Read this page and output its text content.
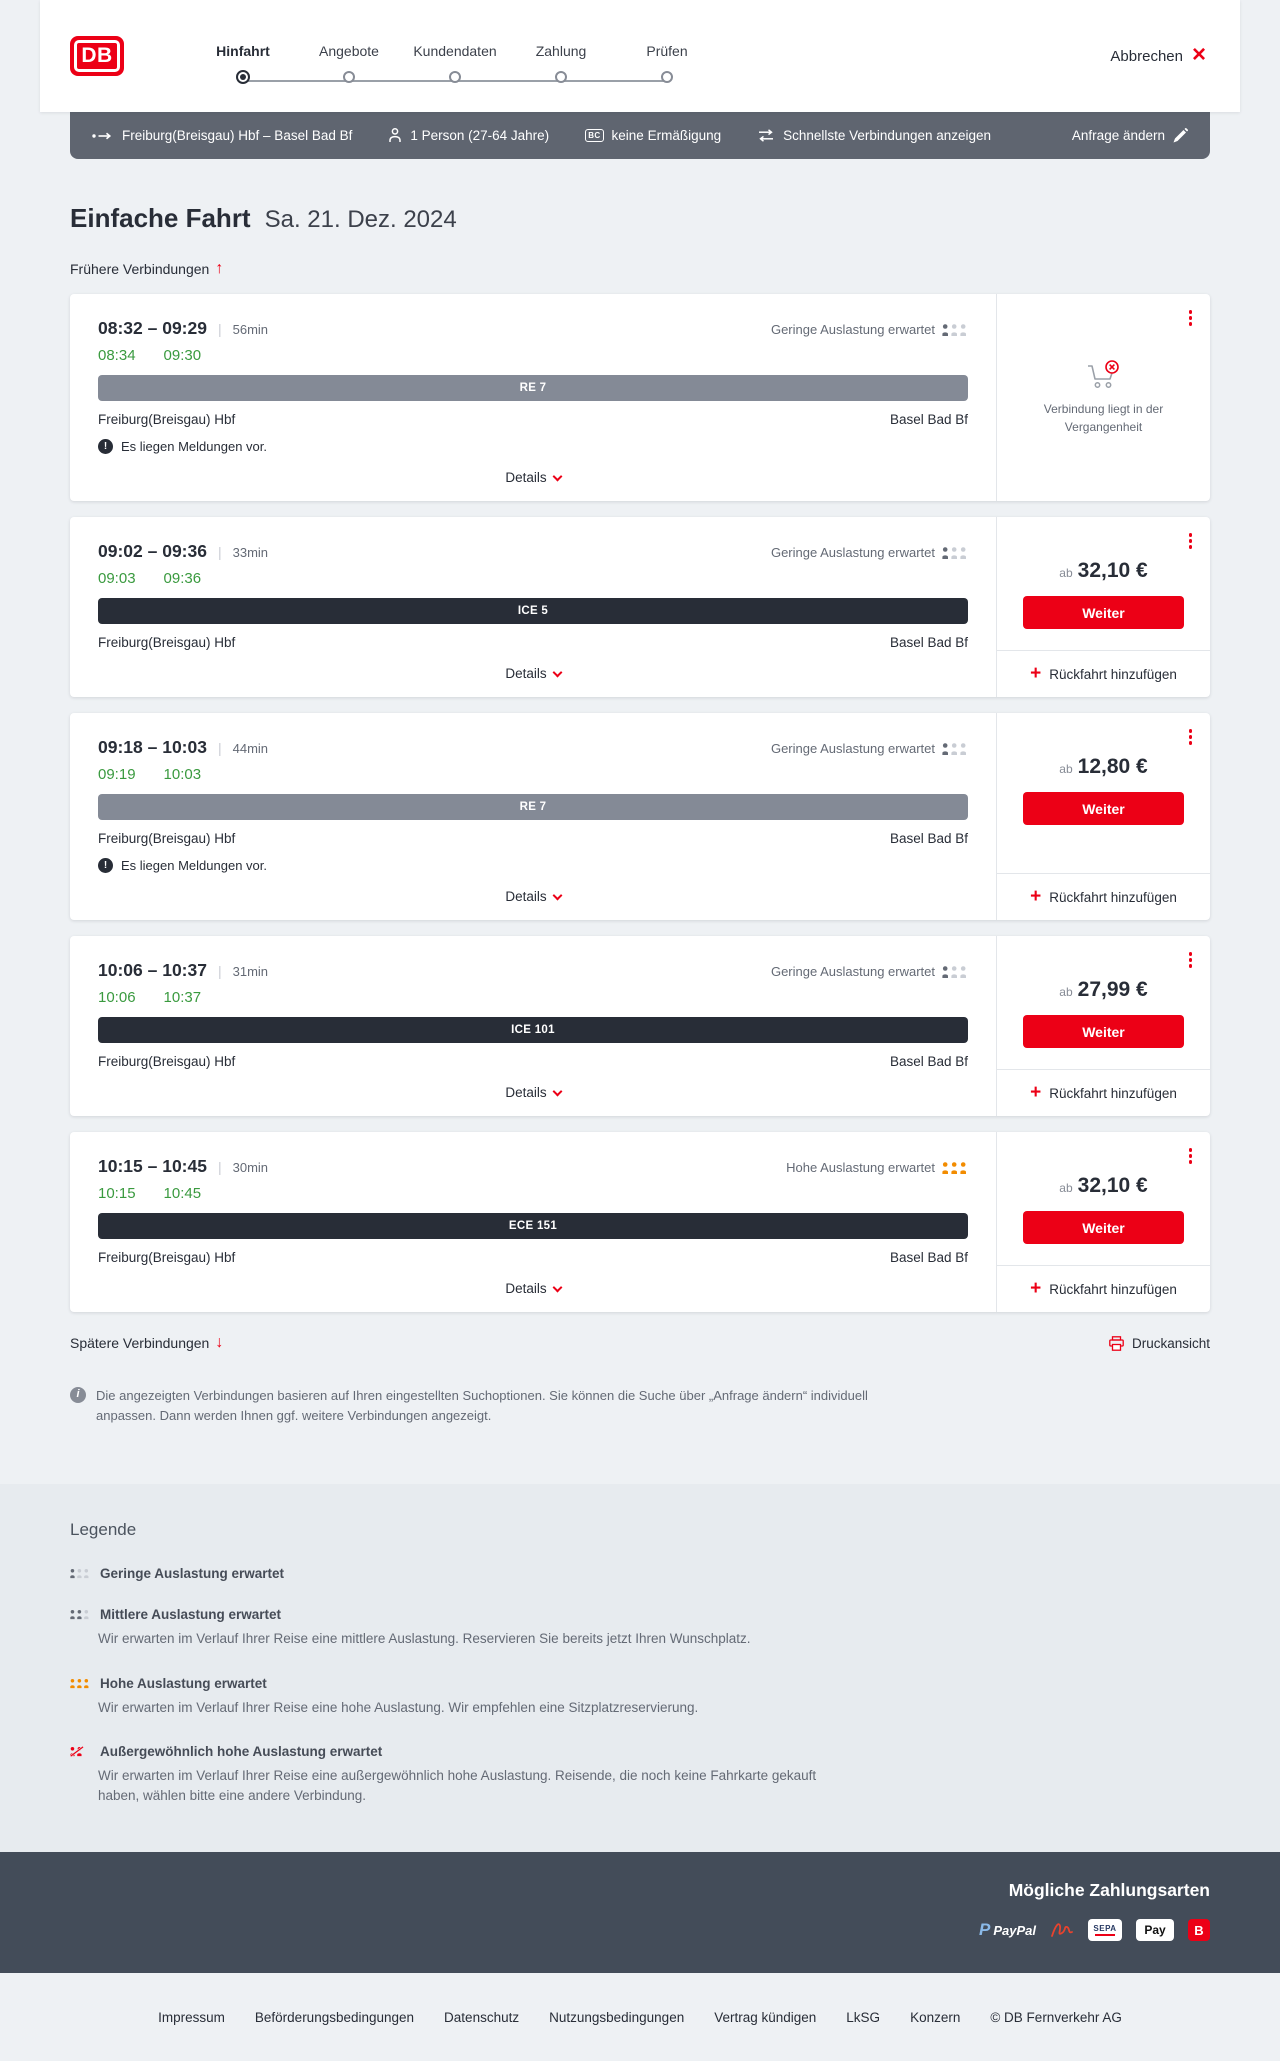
DB	Hinfahrt	Angebote Kundendaten	Zahlung	Prüfen	Abbrechen ×
Freiburg(Breisgau) Hbf – Basel Bad Bf	1 Person (27-64 Jahre)	BC keine Ermäßigung	Schnellste Verbindungen anzeigen	Anfrage ändern
Einfache Fahrt Sa. 21. Dez. 2024
Frühere Verbindungen ↑
08:32 – 09:29 | 56min	Geringe Auslastung erwartet
08:34 09:30
RE 7
Freiburg(Breisgau) Hbf	Basel Bad Bf
!	Es liegen Meldungen vor.
Details
Verbindung liegt in der Vergangenheit
09:02 – 09:36 | 33min	Geringe Auslastung erwartet
09:03 09:36
ICE 5
Freiburg(Breisgau) Hbf	Basel Bad Bf
Details
ab 32,10 €
Weiter
+ Rückfahrt hinzufügen
09:18 – 10:03 | 44min	Geringe Auslastung erwartet
09:19 10:03
RE 7
Freiburg(Breisgau) Hbf	Basel Bad Bf
!	Es liegen Meldungen vor.
Details
ab 12,80 €
Weiter
+ Rückfahrt hinzufügen
10:06 – 10:37 | 31min	Geringe Auslastung erwartet
10:06 10:37
ICE 101
Freiburg(Breisgau) Hbf	Basel Bad Bf
Details
ab 27,99 €
Weiter
+ Rückfahrt hinzufügen
10:15 – 10:45 | 30min	Hohe Auslastung erwartet
10:15 10:45
ECE 151
Freiburg(Breisgau) Hbf	Basel Bad Bf
Details
ab 32,10 €
Weiter
+ Rückfahrt hinzufügen
Spätere Verbindungen ↓	Druckansicht
i	Die angezeigten Verbindungen basieren auf Ihren eingestellten Suchoptionen. Sie können die Suche über „Anfrage ändern“ individuell anpassen. Dann werden Ihnen ggf. weitere Verbindungen angezeigt.
Legende
Geringe Auslastung erwartet
Mittlere Auslastung erwartet
Wir erwarten im Verlauf Ihrer Reise eine mittlere Auslastung. Reservieren Sie bereits jetzt Ihren Wunschplatz.
Hohe Auslastung erwartet
Wir erwarten im Verlauf Ihrer Reise eine hohe Auslastung. Wir empfehlen eine Sitzplatzreservierung.
Außergewöhnlich hohe Auslastung erwartet
Wir erwarten im Verlauf Ihrer Reise eine außergewöhnlich hohe Auslastung. Reisende, die noch keine Fahrkarte gekauft haben, wählen bitte eine andere Verbindung.
Mögliche Zahlungsarten
P PayPal	SEPA Pay B
Impressum Beförderungsbedingungen Datenschutz Nutzungsbedingungen Vertrag kündigen LkSG Konzern © DB Fernverkehr AG
